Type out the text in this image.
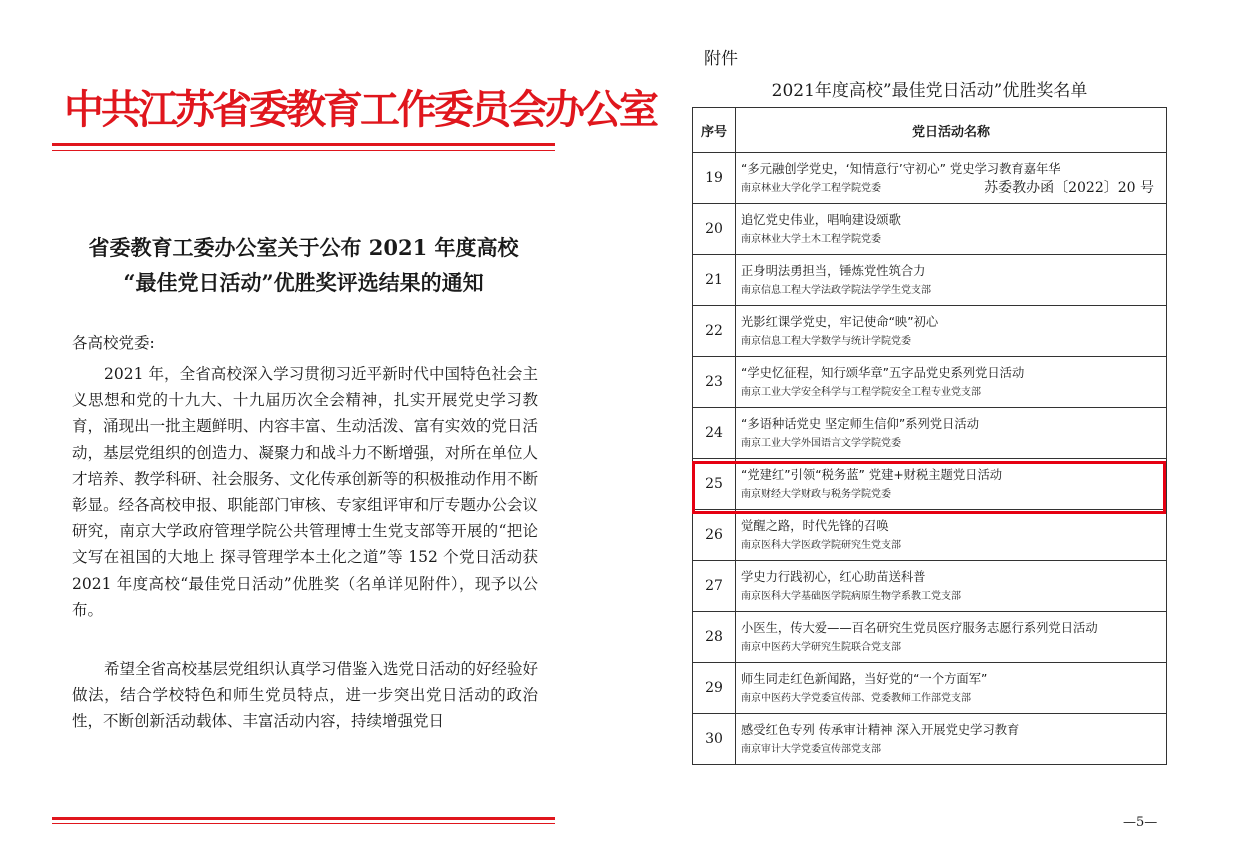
中共江苏省委教育工作委员会办公室
苏委教办函〔2022〕20 号
省委教育工委办公室关于公布 2021 年度高校
“最佳党日活动”优胜奖评选结果的通知
各高校党委:
2021 年，全省高校深入学习贯彻习近平新时代中国特色社会主义思想和党的十九大、十九届历次全会精神，扎实开展党史学习教育，涌现出一批主题鲜明、内容丰富、生动活泼、富有实效的党日活动，基层党组织的创造力、凝聚力和战斗力不断增强，对所在单位人才培养、教学科研、社会服务、文化传承创新等的积极推动作用不断彰显。经各高校申报、职能部门审核、专家组评审和厅专题办公会议研究，南京大学政府管理学院公共管理博士生党支部等开展的“把论文写在祖国的大地上 探寻管理学本土化之道”等 152 个党日活动获 2021 年度高校“最佳党日活动”优胜奖（名单详见附件），现予以公布。
希望全省高校基层党组织认真学习借鉴入选党日活动的好经验好做法，结合学校特色和师生党员特点，进一步突出党日活动的政治性，不断创新活动载体、丰富活动内容，持续增强党日
附件
2021年度高校”最佳党日活动”优胜奖名单
序号	党日活动名称
19	“多元融创学党史，‘知情意行’守初心” 党史学习教育嘉年华
南京林业大学化学工程学院党委

20	追忆党史伟业，唱响建设颂歌
南京林业大学土木工程学院党委

21	正身明法勇担当，锤炼党性筑合力
南京信息工程大学法政学院法学学生党支部

22	光影红课学党史，牢记使命“映”初心
南京信息工程大学数学与统计学院党委

23	“学史忆征程，知行颂华章”五字品党史系列党日活动
南京工业大学安全科学与工程学院安全工程专业党支部

24	“多语种话党史 坚定师生信仰”系列党日活动
南京工业大学外国语言文学学院党委

25	“党建红”引领“税务蓝” 党建+财税主题党日活动
南京财经大学财政与税务学院党委

26	觉醒之路，时代先锋的召唤
南京医科大学医政学院研究生党支部

27	学史力行践初心，红心助苗送科普
南京医科大学基础医学院病原生物学系教工党支部

28	小医生，传大爱——百名研究生党员医疗服务志愿行系列党日活动
南京中医药大学研究生院联合党支部

29	师生同走红色新闻路，当好党的“一个方面军”
南京中医药大学党委宣传部、党委教师工作部党支部

30	感受红色专列 传承审计精神 深入开展党史学习教育
南京审计大学党委宣传部党支部
—5—
